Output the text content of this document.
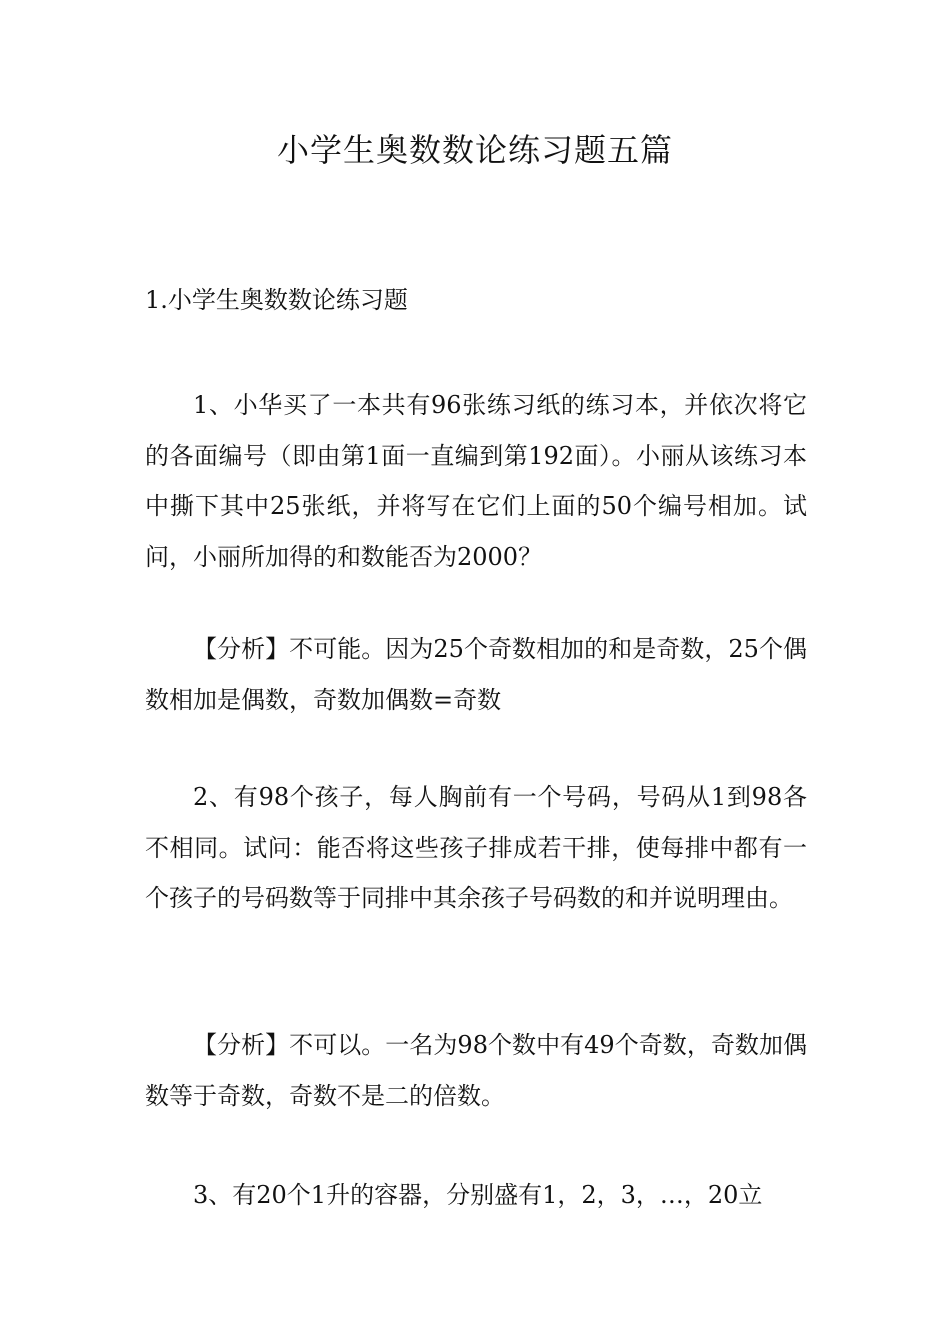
小学生奥数数论练习题五篇
1.小学生奥数数论练习题

1、小华买了一本共有96张练习纸的练习本，并依次将它的各面编号（即由第1面一直编到第192面）。小丽从该练习本中撕下其中25张纸，并将写在它们上面的50个编号相加。试问，小丽所加得的和数能否为2000？

【分析】不可能。因为25个奇数相加的和是奇数，25个偶数相加是偶数，奇数加偶数=奇数

2、有98个孩子，每人胸前有一个号码，号码从1到98各不相同。试问：能否将这些孩子排成若干排，使每排中都有一个孩子的号码数等于同排中其余孩子号码数的和并说明理由。

【分析】不可以。一名为98个数中有49个奇数，奇数加偶数等于奇数，奇数不是二的倍数。

3、有20个1升的容器，分别盛有1，2，3，…，20立
